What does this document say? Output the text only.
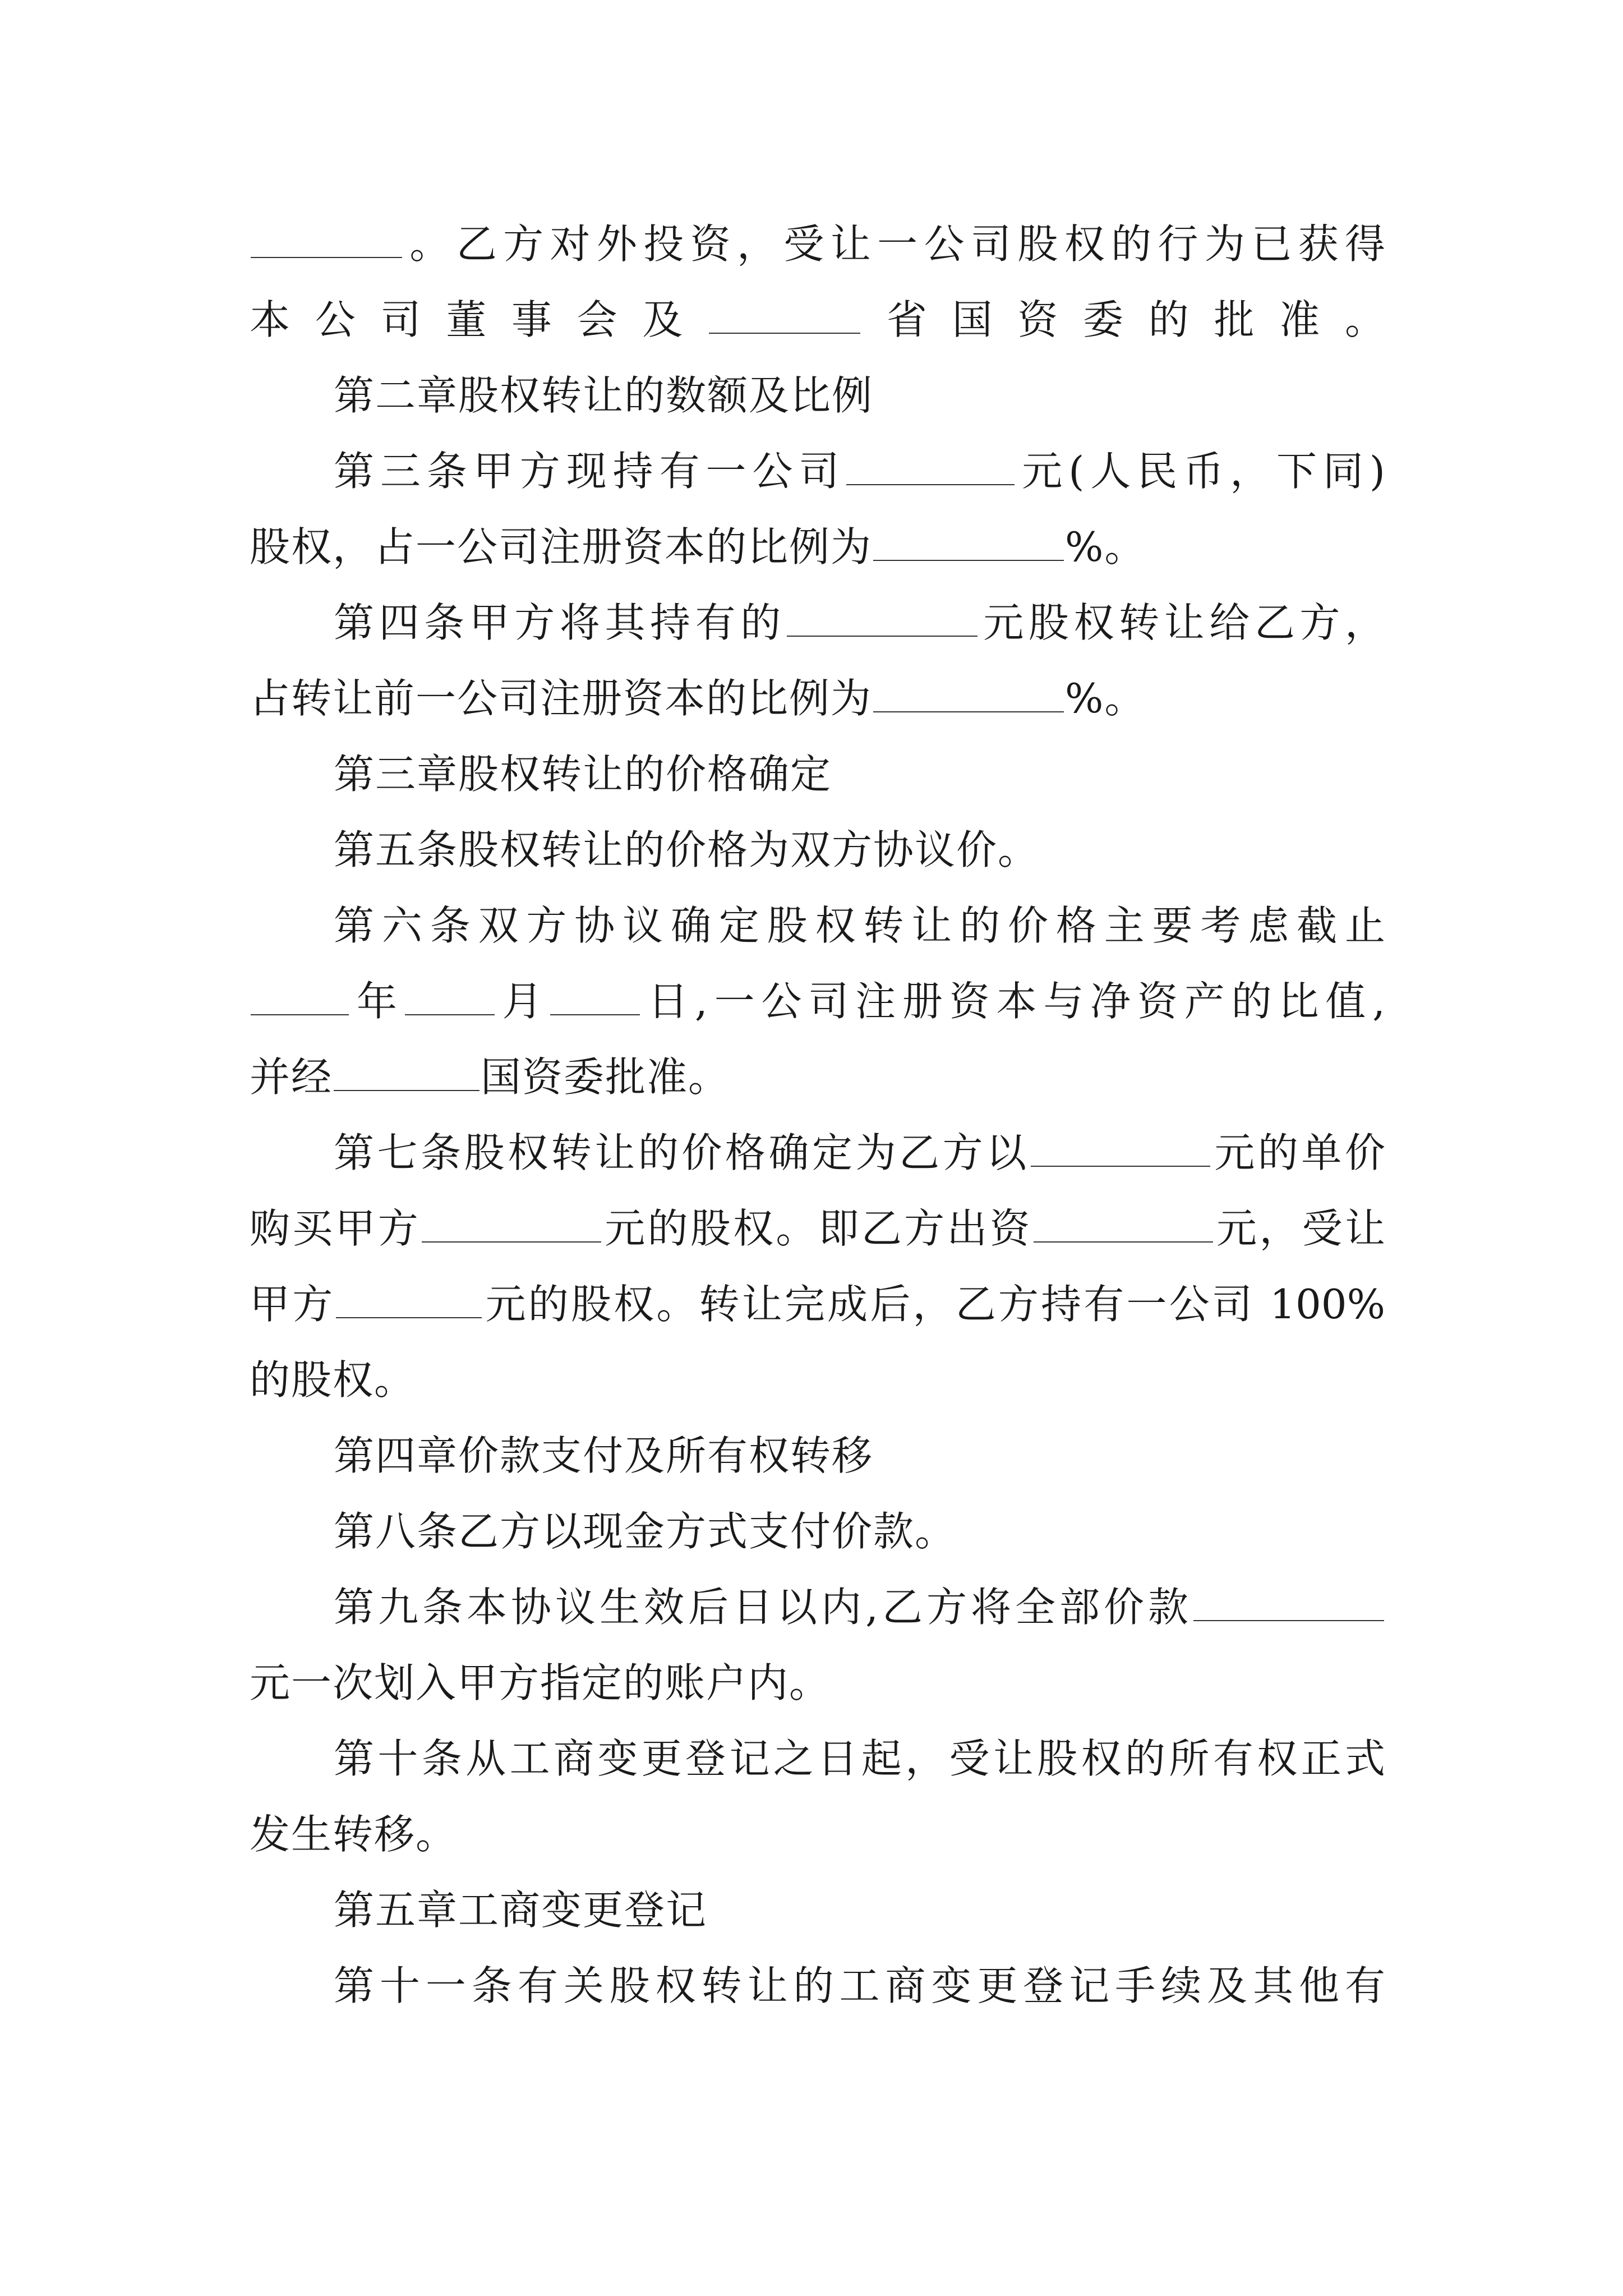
。乙方对外投资，受让一公司股权的行为已获得
本公司董事会及	省国资委的批准。
第二章股权转让的数额及比例
第三条甲方现持有一公司	元(人民币，下同)
股权，占一公司注册资本的比例为	%。
第四条甲方将其持有的	元股权转让给乙方，
占转让前一公司注册资本的比例为	%。
第三章股权转让的价格确定
第五条股权转让的价格为双方协议价。
第六条双方协议确定股权转让的价格主要考虑截止
年 月 日,一公司注册资本与净资产的比值,
并经	国资委批准。
第七条股权转让的价格确定为乙方以	元的单价
购买甲方	元的股权。即乙方出资	元，受让
甲方	元的股权。转让完成后，乙方持有一公司 100%
的股权。
第四章价款支付及所有权转移
第八条乙方以现金方式支付价款。
第九条本协议生效后日以内,乙方将全部价款
元一次划入甲方指定的账户内。
第十条从工商变更登记之日起，受让股权的所有权正式
发生转移。
第五章工商变更登记
第十一条有关股权转让的工商变更登记手续及其他有
